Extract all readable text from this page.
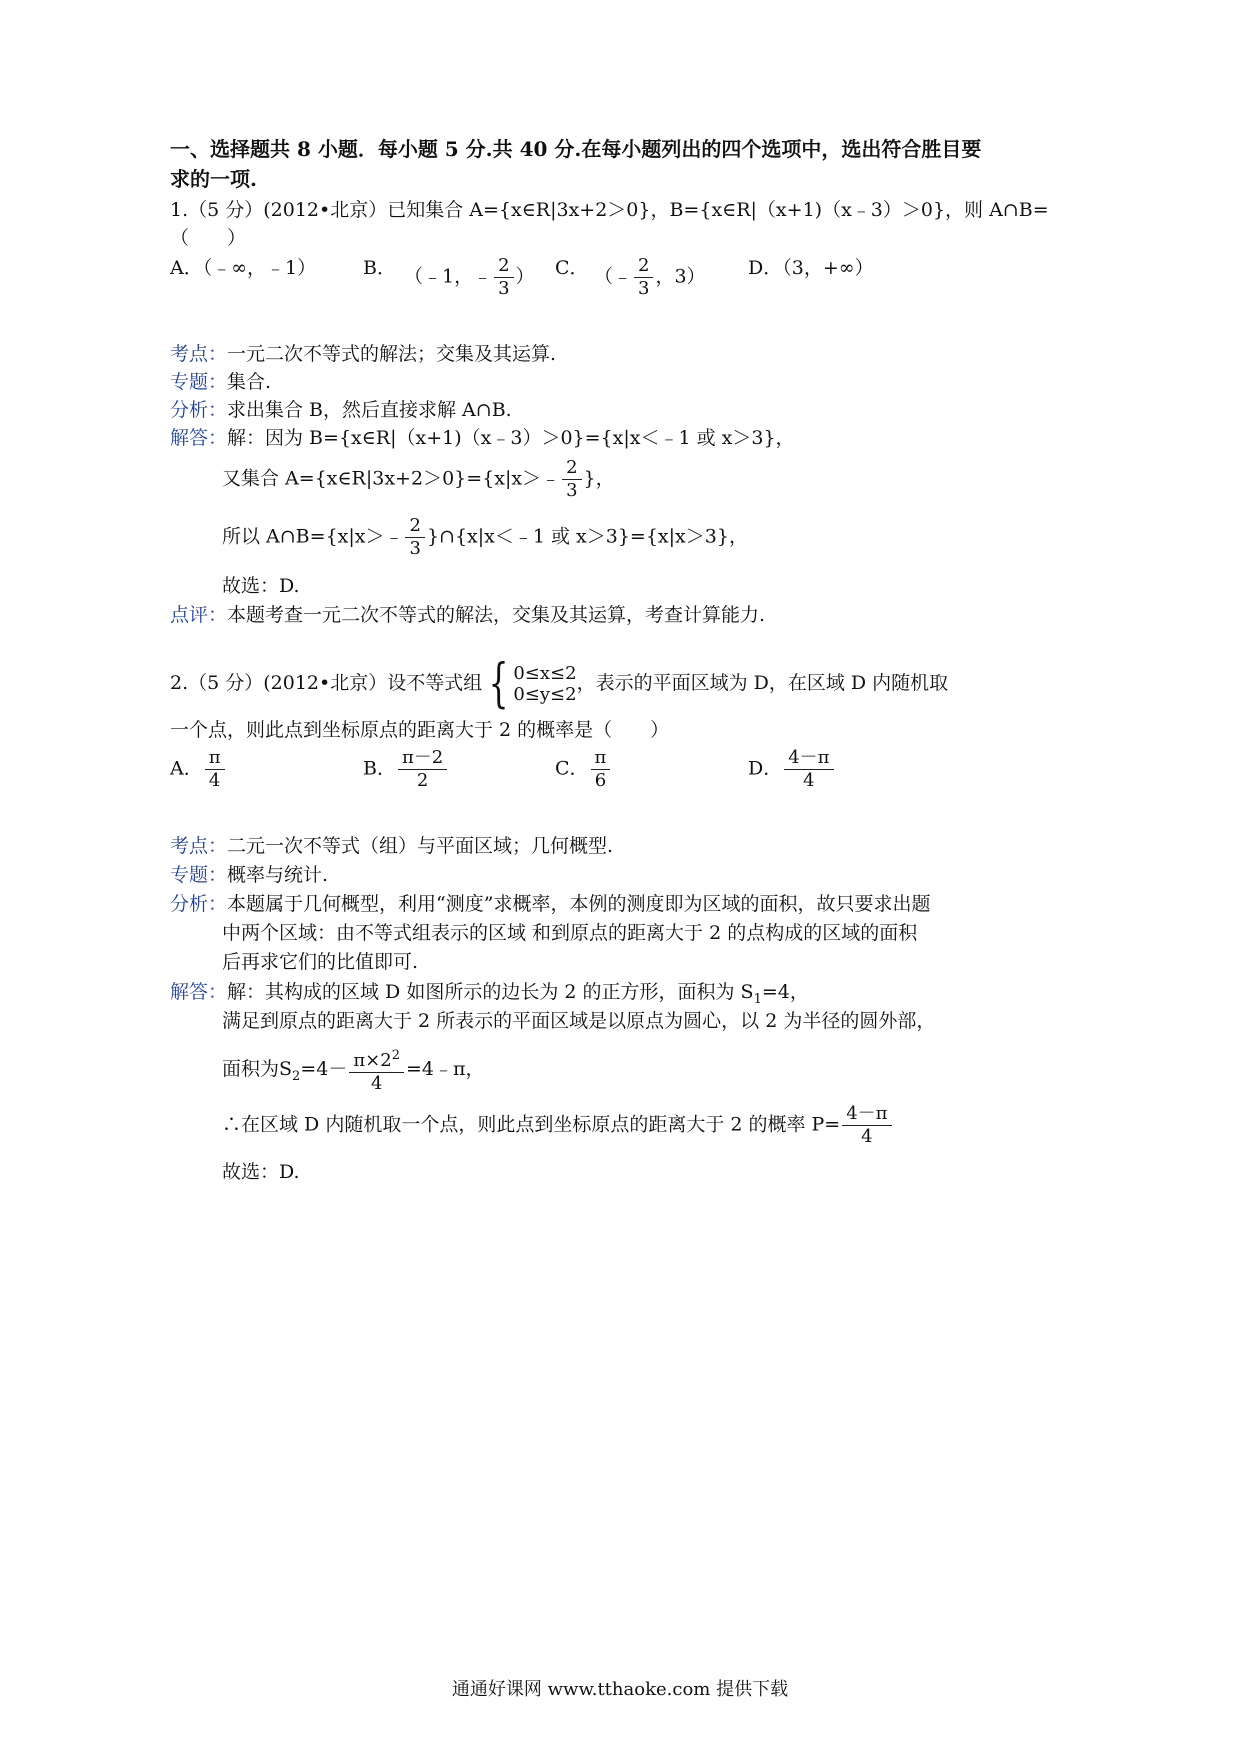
一、选择题共 8 小题．每小题 5 分.共 40 分.在每小题列出的四个选项中，选出符合胜目要
求的一项.
1.（5 分）(2012•北京）已知集合 A={x∈R|3x+2＞0}，B={x∈R|（x+1)（x﹣3）＞0}，则 A∩B=
（　　）
A．（﹣∞，﹣1） B． （﹣1，﹣ $\frac{2}{3}$ ） C． （﹣ $\frac{2}{3}$ ，3） D．（3，+∞）
考点：一元二次不等式的解法；交集及其运算.
专题：集合.
分析：求出集合 B，然后直接求解 A∩B.
解答：解：因为 B={x∈R|（x+1)（x﹣3）＞0}={x|x＜﹣1 或 x＞3}，
又集合 A={x∈R|3x+2＞0}={x|x＞﹣ $\frac{2}{3}$ }，
所以 A∩B={x|x＞﹣ $\frac{2}{3}$ }∩{x|x＜﹣1 或 x＞3}={x|x＞3}，
故选：D.
点评：本题考查一元二次不等式的解法，交集及其运算，考查计算能力.
2.（5 分）(2012•北京）设不等式组 { 0≤x≤2
0≤y≤2
，表示的平面区域为 D，在区域 D 内随机取
一个点，则此点到坐标原点的距离大于 2 的概率是（　　）
A． $\frac{\pi}{4}$	B． $\frac{\pi-2}{2}$	C． $\frac{\pi}{6}$	D． $\frac{4-\pi}{4}$
考点：二元一次不等式（组）与平面区域；几何概型.
专题：概率与统计.
分析：本题属于几何概型，利用“测度”求概率，本例的测度即为区域的面积，故只要求出题
中两个区域：由不等式组表示的区域 和到原点的距离大于 2 的点构成的区域的面积
后再求它们的比值即可.
解答：解：其构成的区域 D 如图所示的边长为 2 的正方形，面积为 $S_1=4$，
满足到原点的距离大于 2 所表示的平面区域是以原点为圆心，以 2 为半径的圆外部，
面积为$S_2=4- \frac{\pi\times 2^2}{4}$ =4﹣π，
∴在区域 D 内随机取一个点，则此点到坐标原点的距离大于 2 的概率 $P= \frac{4-\pi}{4}$
故选：D.
通通好课网 www.tthaoke.com 提供下载
